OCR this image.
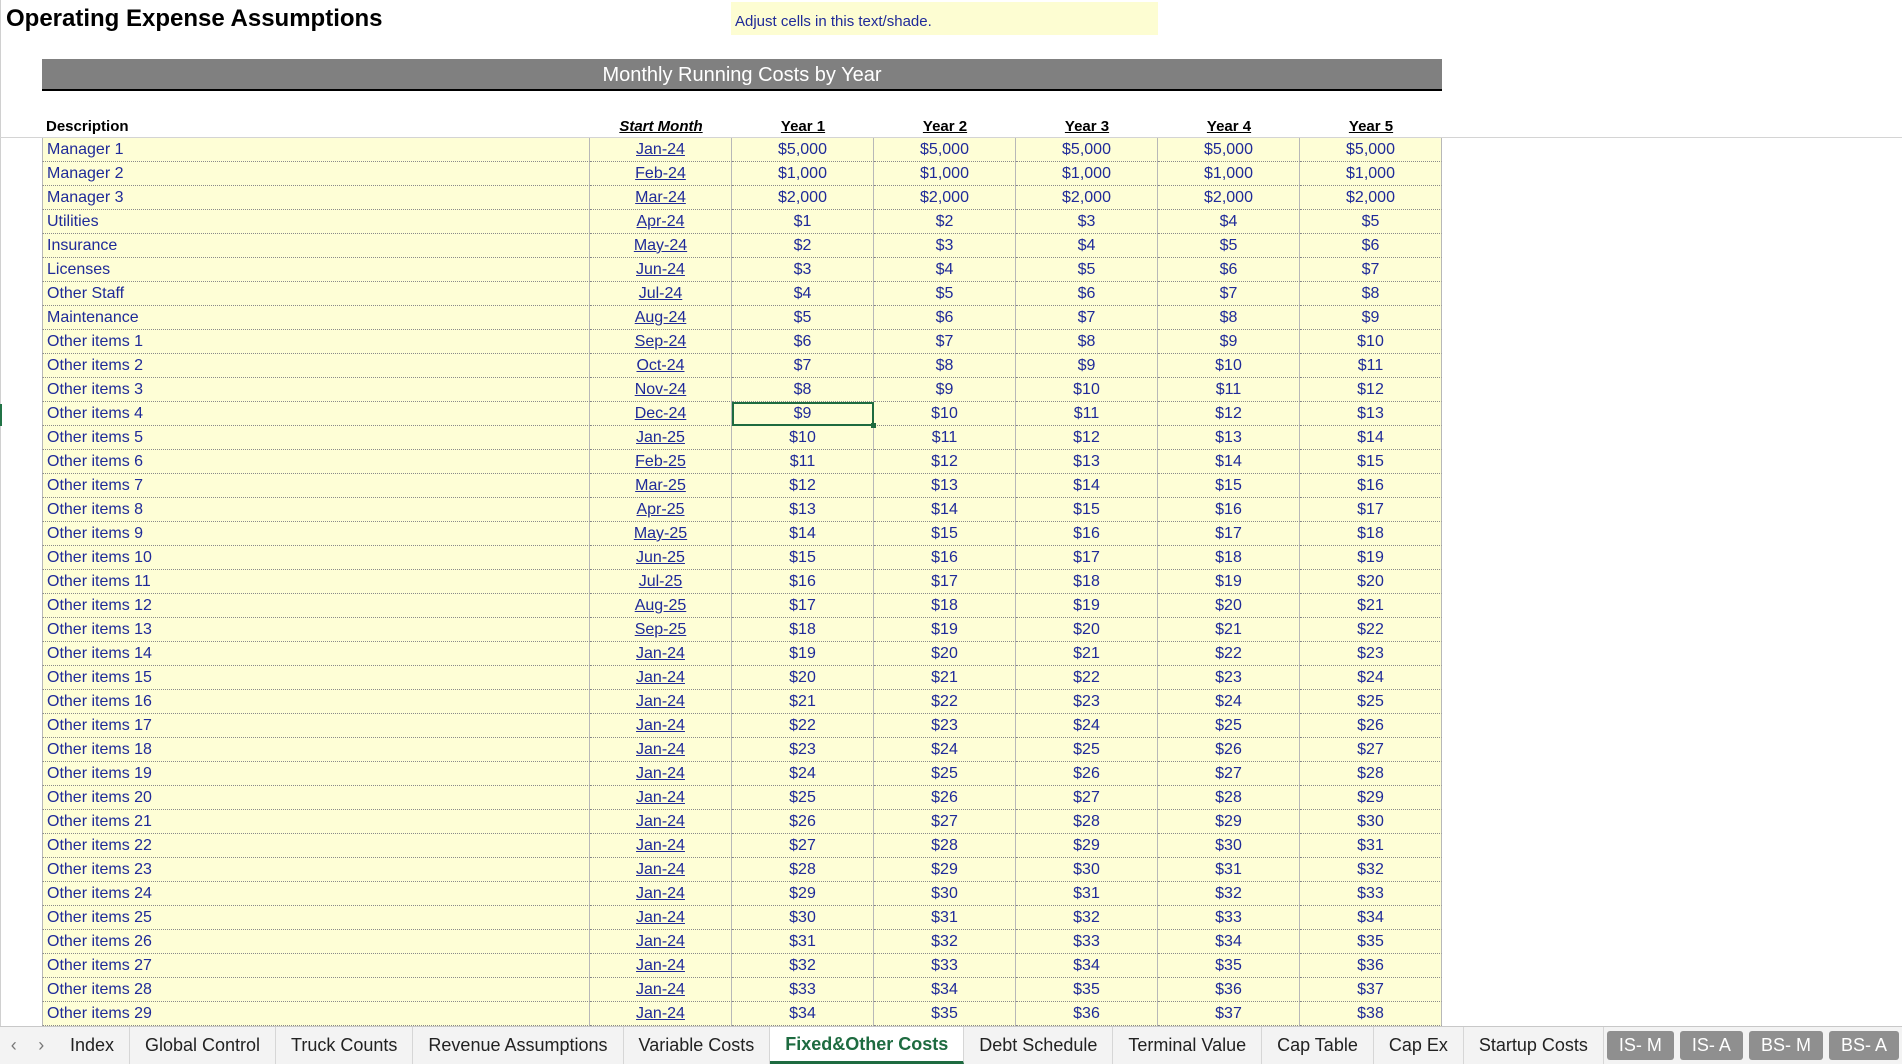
Operating Expense Assumptions	Adjust cells in this text/shade.
Monthly Running Costs by Year
Description	Start Month	Year 1	Year 2	Year 3	Year 4	Year 5
Manager 1	Jan-24	$5,000	$5,000	$5,000	$5,000	$5,000
Manager 2	Feb-24	$1,000	$1,000	$1,000	$1,000	$1,000
Manager 3	Mar-24	$2,000	$2,000	$2,000	$2,000	$2,000
Utilities	Apr-24	$1	$2	$3	$4	$5
Insurance	May-24	$2	$3	$4	$5	$6
Licenses	Jun-24	$3	$4	$5	$6	$7
Other Staff	Jul-24	$4	$5	$6	$7	$8
Maintenance	Aug-24	$5	$6	$7	$8	$9
Other items 1	Sep-24	$6	$7	$8	$9	$10
Other items 2	Oct-24	$7	$8	$9	$10	$11
Other items 3	Nov-24	$8	$9	$10	$11	$12
Other items 4	Dec-24	$9	$10	$11	$12	$13
Other items 5	Jan-25	$10	$11	$12	$13	$14
Other items 6	Feb-25	$11	$12	$13	$14	$15
Other items 7	Mar-25	$12	$13	$14	$15	$16
Other items 8	Apr-25	$13	$14	$15	$16	$17
Other items 9	May-25	$14	$15	$16	$17	$18
Other items 10	Jun-25	$15	$16	$17	$18	$19
Other items 11	Jul-25	$16	$17	$18	$19	$20
Other items 12	Aug-25	$17	$18	$19	$20	$21
Other items 13	Sep-25	$18	$19	$20	$21	$22
Other items 14	Jan-24	$19	$20	$21	$22	$23
Other items 15	Jan-24	$20	$21	$22	$23	$24
Other items 16	Jan-24	$21	$22	$23	$24	$25
Other items 17	Jan-24	$22	$23	$24	$25	$26
Other items 18	Jan-24	$23	$24	$25	$26	$27
Other items 19	Jan-24	$24	$25	$26	$27	$28
Other items 20	Jan-24	$25	$26	$27	$28	$29
Other items 21	Jan-24	$26	$27	$28	$29	$30
Other items 22	Jan-24	$27	$28	$29	$30	$31
Other items 23	Jan-24	$28	$29	$30	$31	$32
Other items 24	Jan-24	$29	$30	$31	$32	$33
Other items 25	Jan-24	$30	$31	$32	$33	$34
Other items 26	Jan-24	$31	$32	$33	$34	$35
Other items 27	Jan-24	$32	$33	$34	$35	$36
Other items 28	Jan-24	$33	$34	$35	$36	$37
Other items 29	Jan-24	$34	$35	$36	$37	$38
‹	›	Index	Global Control	Truck Counts	Revenue Assumptions	Variable Costs	Fixed&Other Costs	Debt Schedule	Terminal Value	Cap Table	Cap Ex	Startup Costs	IS- M	IS- A	BS- M	BS- A
